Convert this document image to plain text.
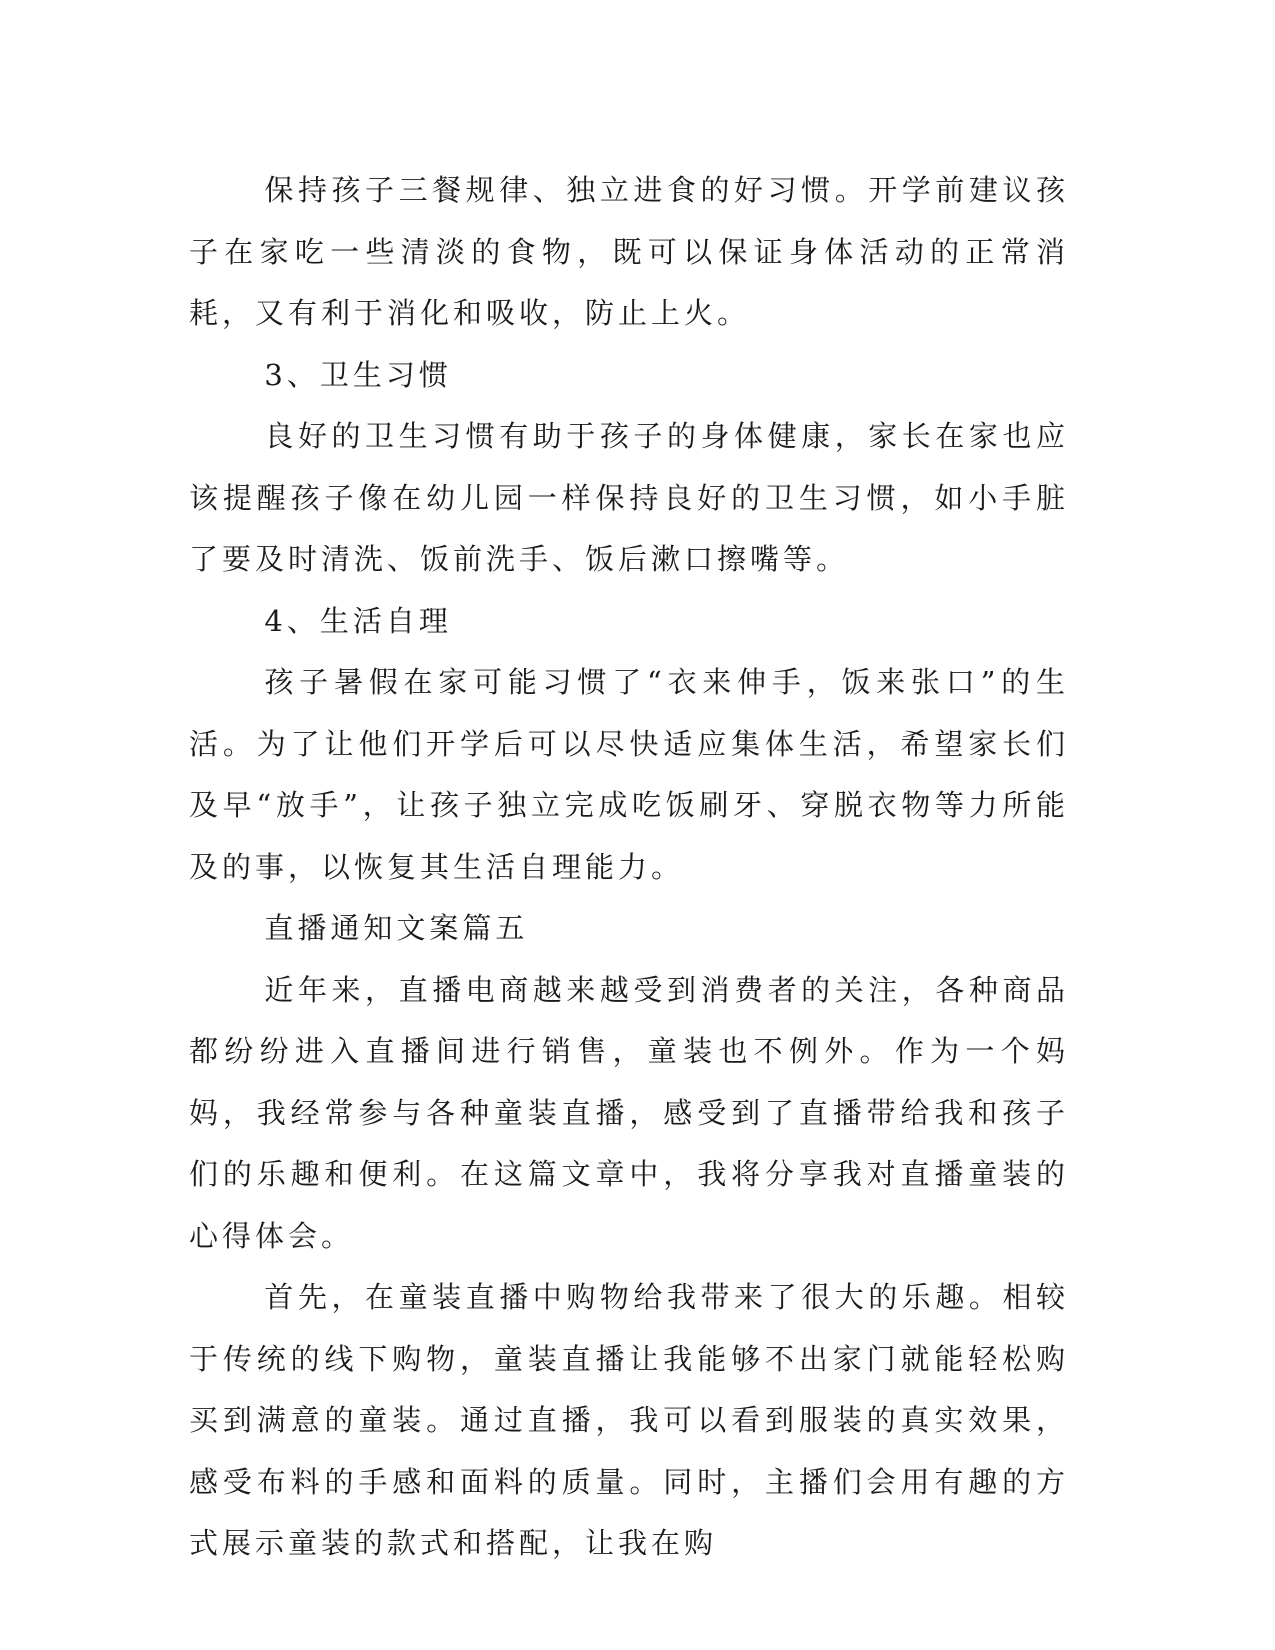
保持孩子三餐规律、独立进食的好习惯。开学前建议孩子在家吃一些清淡的食物，既可以保证身体活动的正常消耗，又有利于消化和吸收，防止上火。

3、卫生习惯

良好的卫生习惯有助于孩子的身体健康，家长在家也应该提醒孩子像在幼儿园一样保持良好的卫生习惯，如小手脏了要及时清洗、饭前洗手、饭后漱口擦嘴等。

4、生活自理

孩子暑假在家可能习惯了“衣来伸手，饭来张口”的生活。为了让他们开学后可以尽快适应集体生活，希望家长们及早“放手”，让孩子独立完成吃饭刷牙、穿脱衣物等力所能及的事，以恢复其生活自理能力。

直播通知文案篇五

近年来，直播电商越来越受到消费者的关注，各种商品都纷纷进入直播间进行销售，童装也不例外。作为一个妈妈，我经常参与各种童装直播，感受到了直播带给我和孩子们的乐趣和便利。在这篇文章中，我将分享我对直播童装的心得体会。

首先，在童装直播中购物给我带来了很大的乐趣。相较于传统的线下购物，童装直播让我能够不出家门就能轻松购买到满意的童装。通过直播，我可以看到服装的真实效果，感受布料的手感和面料的质量。同时，主播们会用有趣的方式展示童装的款式和搭配，让我在购
